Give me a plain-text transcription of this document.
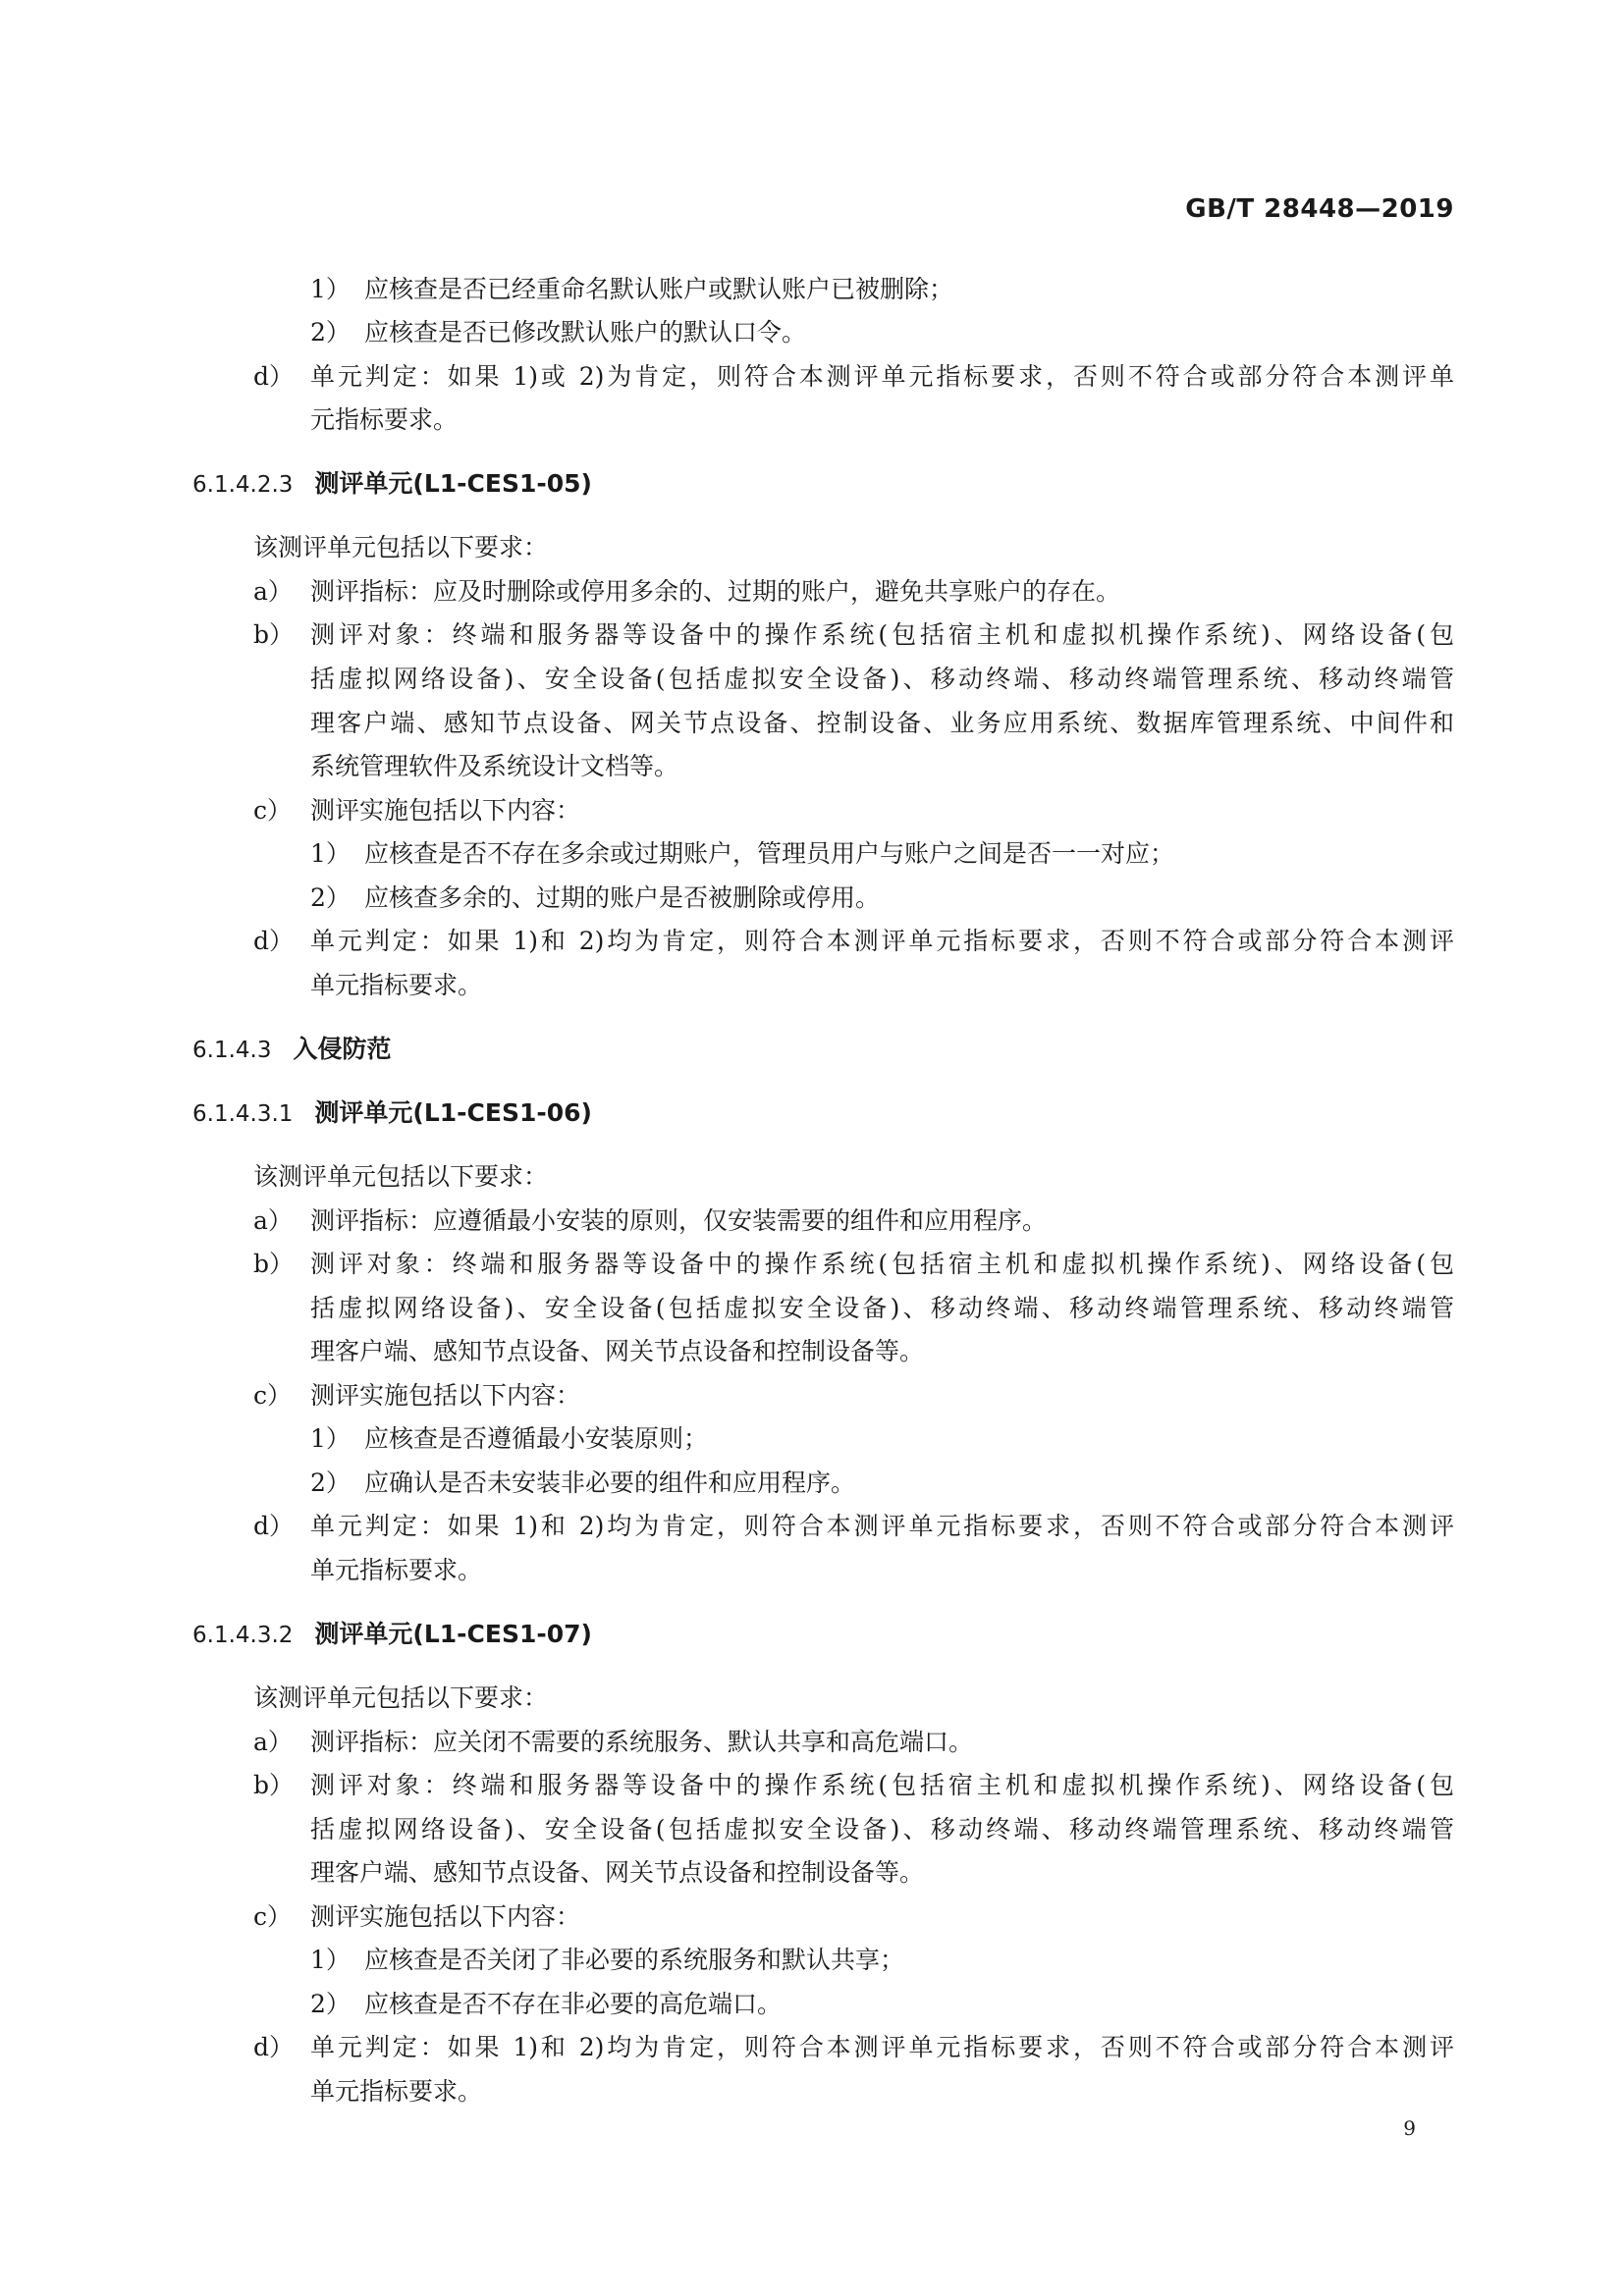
GB/T 28448—2019
1） 应核查是否已经重命名默认账户或默认账户已被删除；
2） 应核查是否已修改默认账户的默认口令。
d） 单元判定：如果 1)或 2)为肯定，则符合本测评单元指标要求，否则不符合或部分符合本测评单
元指标要求。
6.1.4.2.3 测评单元(L1-CES1-05)
该测评单元包括以下要求：
a） 测评指标：应及时删除或停用多余的、过期的账户，避免共享账户的存在。
b） 测评对象：终端和服务器等设备中的操作系统(包括宿主机和虚拟机操作系统)、网络设备(包
括虚拟网络设备)、安全设备(包括虚拟安全设备)、移动终端、移动终端管理系统、移动终端管
理客户端、感知节点设备、网关节点设备、控制设备、业务应用系统、数据库管理系统、中间件和
系统管理软件及系统设计文档等。
c） 测评实施包括以下内容：
1） 应核查是否不存在多余或过期账户，管理员用户与账户之间是否一一对应；
2） 应核查多余的、过期的账户是否被删除或停用。
d） 单元判定：如果 1)和 2)均为肯定，则符合本测评单元指标要求，否则不符合或部分符合本测评
单元指标要求。
6.1.4.3 入侵防范
6.1.4.3.1 测评单元(L1-CES1-06)
该测评单元包括以下要求：
a） 测评指标：应遵循最小安装的原则，仅安装需要的组件和应用程序。
b） 测评对象：终端和服务器等设备中的操作系统(包括宿主机和虚拟机操作系统)、网络设备(包
括虚拟网络设备)、安全设备(包括虚拟安全设备)、移动终端、移动终端管理系统、移动终端管
理客户端、感知节点设备、网关节点设备和控制设备等。
c） 测评实施包括以下内容：
1） 应核查是否遵循最小安装原则；
2） 应确认是否未安装非必要的组件和应用程序。
d） 单元判定：如果 1)和 2)均为肯定，则符合本测评单元指标要求，否则不符合或部分符合本测评
单元指标要求。
6.1.4.3.2 测评单元(L1-CES1-07)
该测评单元包括以下要求：
a） 测评指标：应关闭不需要的系统服务、默认共享和高危端口。
b） 测评对象：终端和服务器等设备中的操作系统(包括宿主机和虚拟机操作系统)、网络设备(包
括虚拟网络设备)、安全设备(包括虚拟安全设备)、移动终端、移动终端管理系统、移动终端管
理客户端、感知节点设备、网关节点设备和控制设备等。
c） 测评实施包括以下内容：
1） 应核查是否关闭了非必要的系统服务和默认共享；
2） 应核查是否不存在非必要的高危端口。
d） 单元判定：如果 1)和 2)均为肯定，则符合本测评单元指标要求，否则不符合或部分符合本测评
单元指标要求。
9
